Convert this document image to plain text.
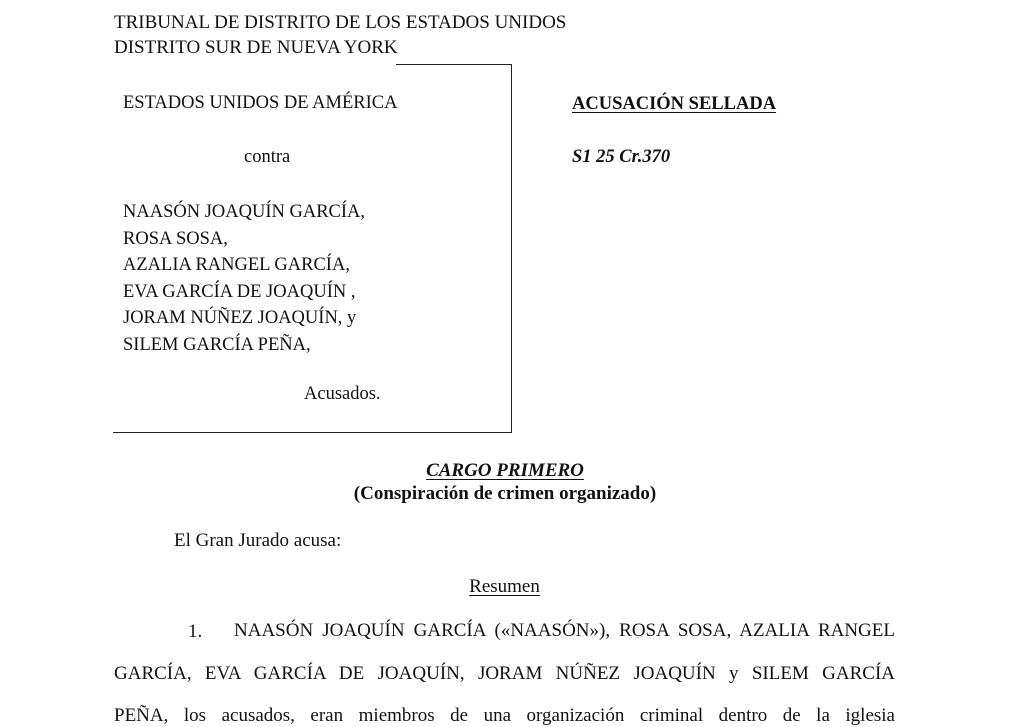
TRIBUNAL DE DISTRITO DE LOS ESTADOS UNIDOS
DISTRITO SUR DE NUEVA YORK
ESTADOS UNIDOS DE AMÉRICA
contra
NAASÓN JOAQUÍN GARCÍA,
ROSA SOSA,
AZALIA RANGEL GARCÍA,
EVA GARCÍA DE JOAQUÍN ,
JORAM NÚÑEZ JOAQUÍN, y
SILEM GARCÍA PEÑA,
Acusados.
ACUSACIÓN SELLADA
S1 25 Cr.370
CARGO PRIMERO
(Conspiración de crimen organizado)
El Gran Jurado acusa:
Resumen
1. NAASÓN JOAQUÍN GARCÍA («NAASÓN»), ROSA SOSA, AZALIA RANGEL
GARCÍA, EVA GARCÍA DE JOAQUÍN, JORAM NÚÑEZ JOAQUÍN y SILEM GARCÍA
PEÑA, los acusados, eran miembros de una organización criminal dentro de la iglesia
